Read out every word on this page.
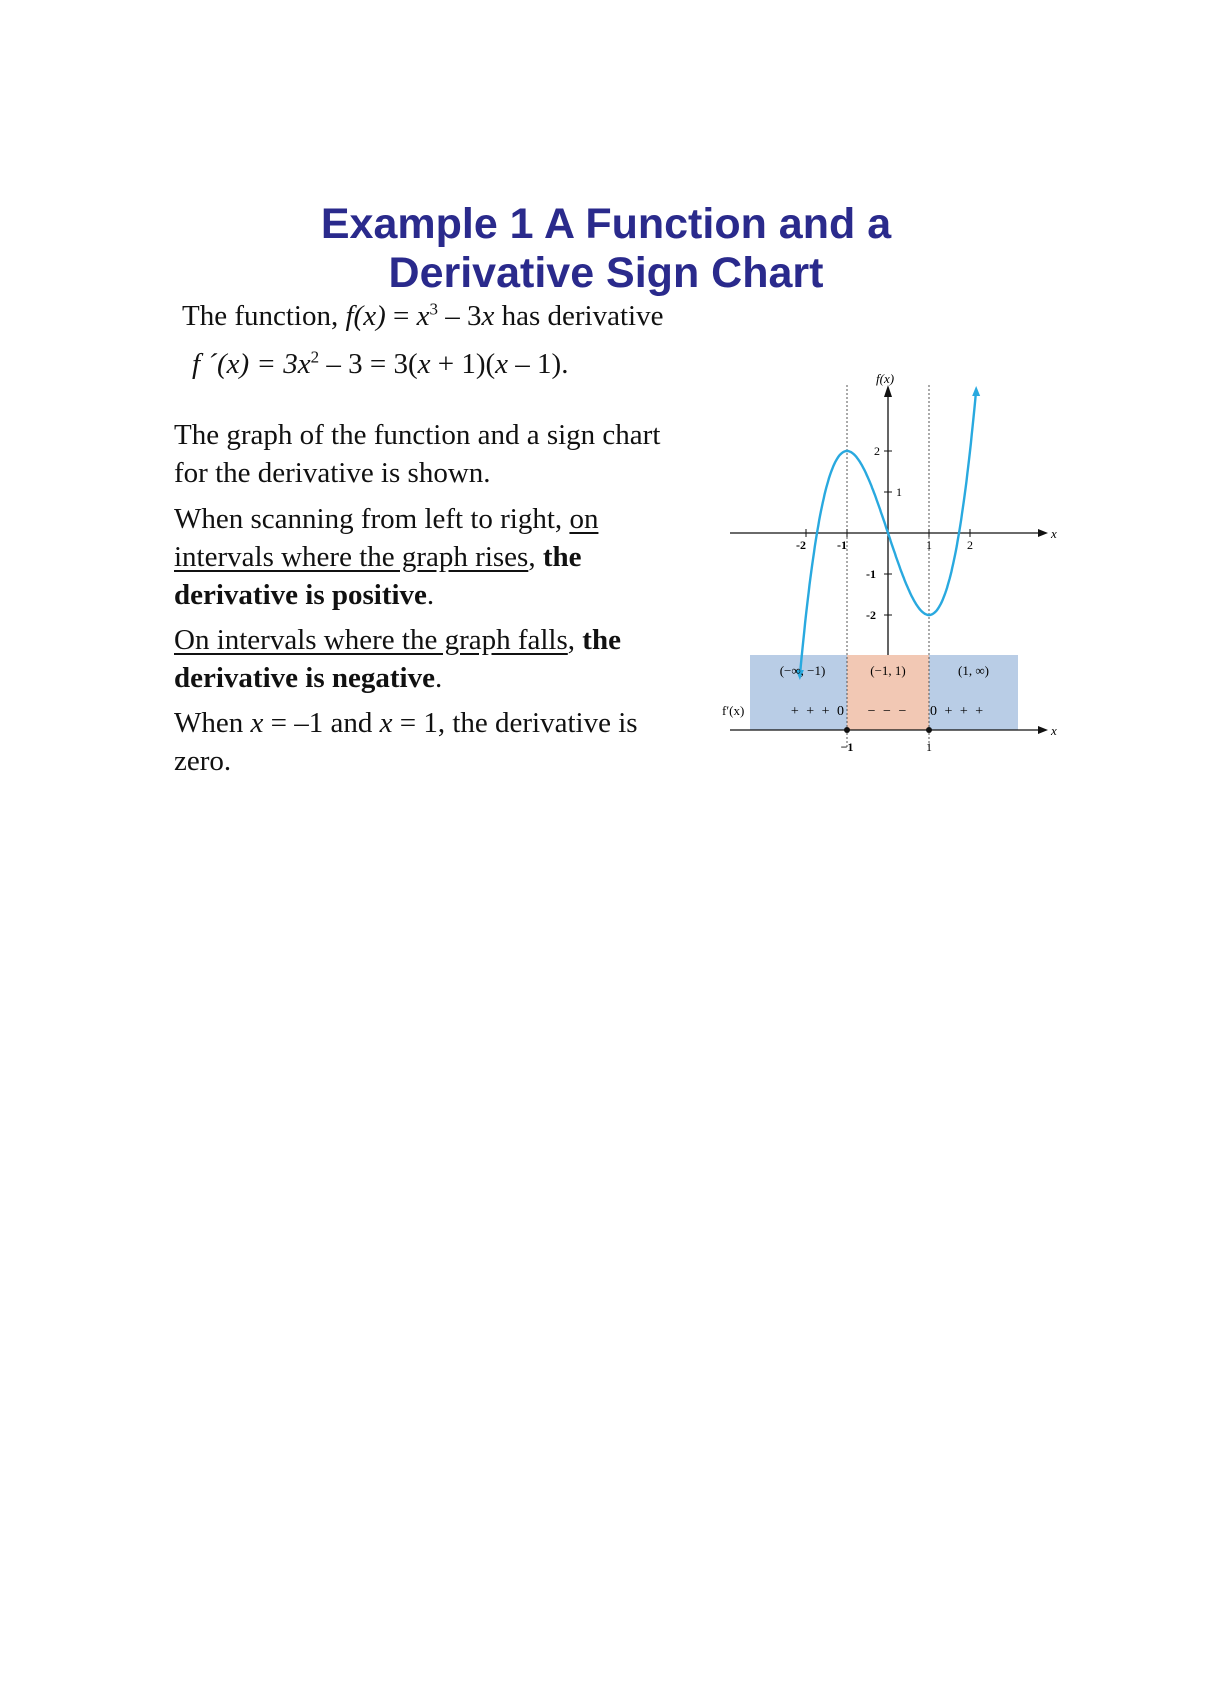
Example 1 A Function and a
Derivative Sign Chart
The function, $f(x) = x^3 - 3x$ has derivative
f ´(x) = $3x^2 - 3 = 3(x + 1)(x - 1)$.
The graph of the function and a sign chart for the derivative is shown.
When scanning from left to right, on intervals where the graph rises, the derivative is positive.
On intervals where the graph falls, the derivative is negative.
When x = –1 and x = 1, the derivative is zero.
x
f(x)
-2	-1	1	2
2
1
-1
-2
(−∞, −1)	(−1, 1)	(1, ∞)
f′(x)	+ + + 0 − − − 0 + + +
x
−1	1
